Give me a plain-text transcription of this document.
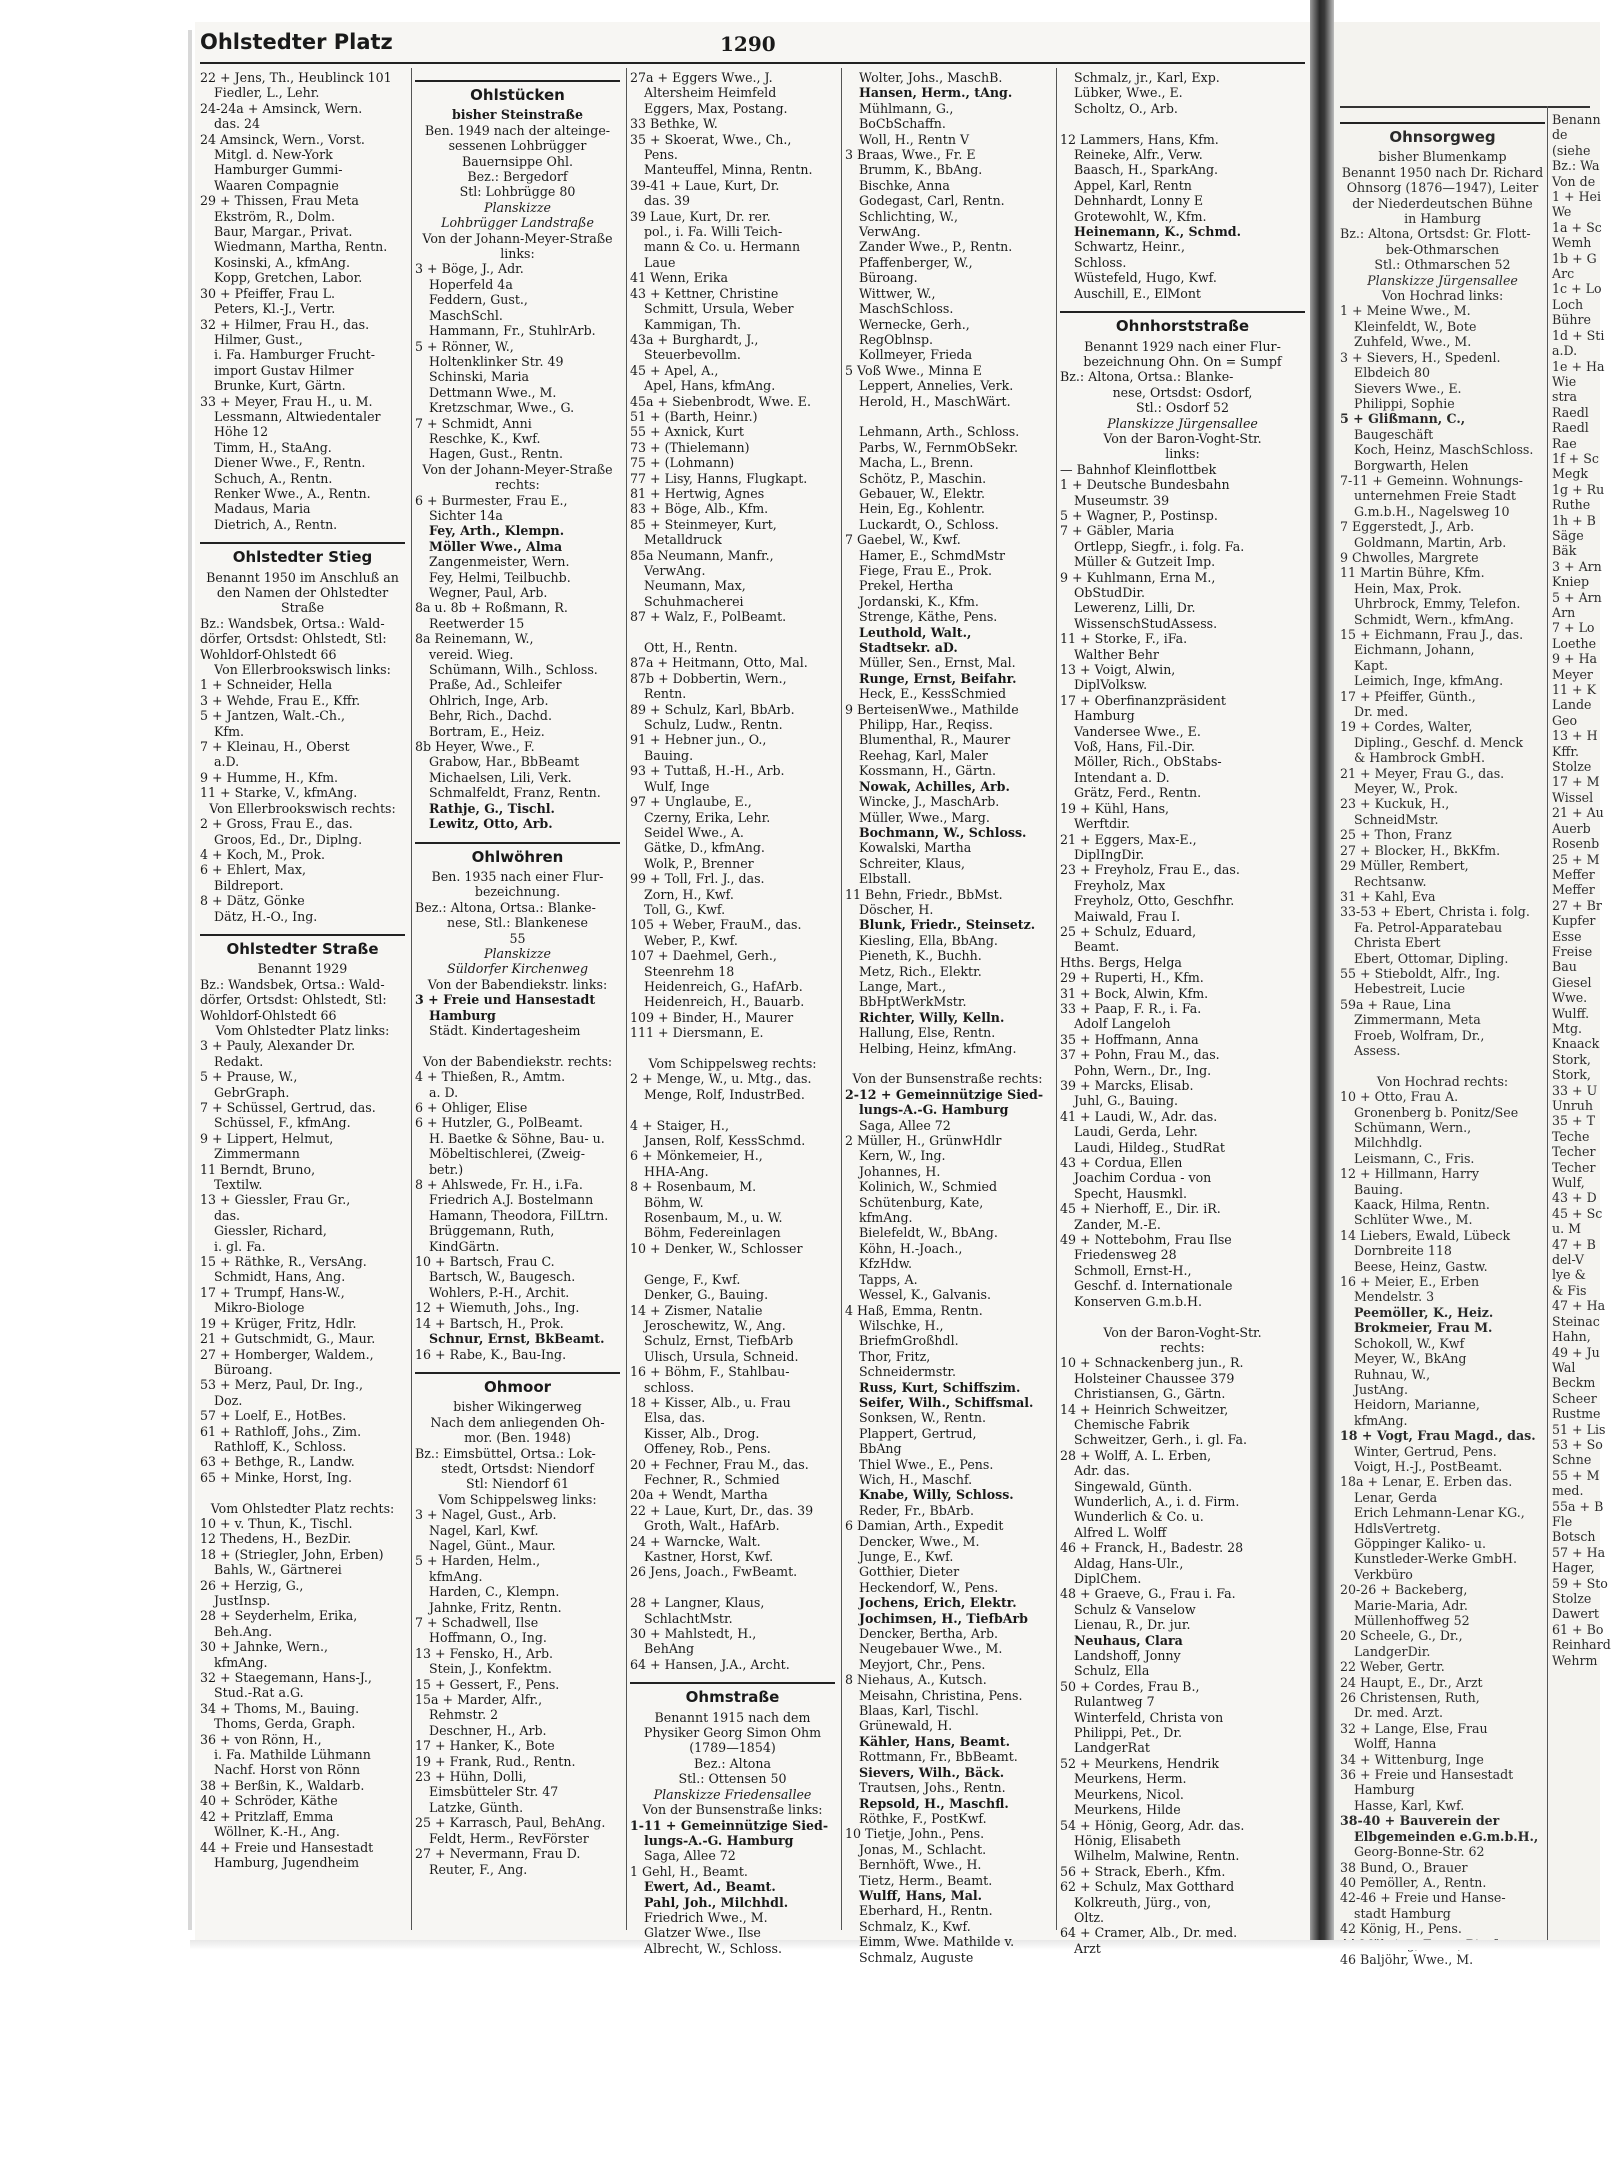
Ohnsorgweg
bisher Blumenkamp
Benannt 1950 nach Dr. Richard
Ohnsorg (1876—1947), Leiter
der Niederdeutschen Bühne
in Hamburg
Bz.: Altona, Ortsdst: Gr. Flott-
bek-Othmarschen
Stl.: Othmarschen 52
Planskizze Jürgensallee
Von Hochrad links:
1 + Meine Wwe., M.
Kleinfeldt, W., Bote
Zuhfeld, Wwe., M.
3 + Sievers, H., Spedenl.
Elbdeich 80
Sievers Wwe., E.
Philippi, Sophie
5 + Glißmann, C.,
Baugeschäft
Koch, Heinz, MaschSchloss.
Borgwarth, Helen
7-11 + Gemeinn. Wohnungs-
unternehmen Freie Stadt
G.m.b.H., Nagelsweg 10
7 Eggerstedt, J., Arb.
Goldmann, Martin, Arb.
9 Chwolles, Margrete
11 Martin Bühre, Kfm.
Hein, Max, Prok.
Uhrbrock, Emmy, Telefon.
Schmidt, Wern., kfmAng.
15 + Eichmann, Frau J., das.
Eichmann, Johann,
Kapt.
Leimich, Inge, kfmAng.
17 + Pfeiffer, Günth.,
Dr. med.
19 + Cordes, Walter,
Dipling., Geschf. d. Menck
& Hambrock GmbH.
21 + Meyer, Frau G., das.
Meyer, W., Prok.
23 + Kuckuk, H.,
SchneidMstr.
25 + Thon, Franz
27 + Blocker, H., BkKfm.
29 Müller, Rembert,
Rechtsanw.
31 + Kahl, Eva
33-53 + Ebert, Christa i. folg.
Fa. Petrol-Apparatebau
Christa Ebert
Ebert, Ottomar, Dipling.
55 + Stieboldt, Alfr., Ing.
Hebestreit, Lucie
59a + Raue, Lina
Zimmermann, Meta
Froeb, Wolfram, Dr.,
Assess.

Von Hochrad rechts:
10 + Otto, Frau A.
Gronenberg b. Ponitz/See
Schümann, Wern.,
Milchhdlg.
Leismann, C., Fris.
12 + Hillmann, Harry
Bauing.
Kaack, Hilma, Rentn.
Schlüter Wwe., M.
14 Liebers, Ewald, Lübeck
Dornbreite 118
Beese, Heinz, Gastw.
16 + Meier, E., Erben
Mendelstr. 3
Peemöller, K., Heiz.
Brokmeier, Frau M.
Schokoll, W., Kwf
Meyer, W., BkAng
Ruhnau, W.,
JustAng.
Heidorn, Marianne,
kfmAng.
18 + Vogt, Frau Magd., das.
Winter, Gertrud, Pens.
Voigt, H.-J., PostBeamt.
18a + Lenar, E. Erben das.
Lenar, Gerda
Erich Lehmann-Lenar KG.,
HdlsVertretg.
Göppinger Kaliko- u.
Kunstleder-Werke GmbH.
Verkbüro
20-26 + Backeberg,
Marie-Maria, Adr.
Müllenhoffweg 52
20 Scheele, G., Dr.,
LandgerDir.
22 Weber, Gertr.
24 Haupt, E., Dr., Arzt
26 Christensen, Ruth,
Dr. med. Arzt.
32 + Lange, Else, Frau
Wolff, Hanna
34 + Wittenburg, Inge
36 + Freie und Hansestadt
Hamburg
Hasse, Karl, Kwf.
38-40 + Bauverein der
Elbgemeinden e.G.m.b.H.,
Georg-Bonne-Str. 62
38 Bund, O., Brauer
40 Pemöller, A., Rentn.
42-46 + Freie und Hanse-
stadt Hamburg
42 König, H., Pens.
46 Baljöhr, Wwe., M.
Benann
de
(siehe
Bz.: Wa
Von de
1 + Hei
We
1a + Sc
Wemh
1b + G
Arc
1c + Lo
Loch
Bühre
1d + Sti
a.D.
1e + Ha
Wie
stra
Raedl
Raedl
Rae
1f + Sc
Megk
1g + Ru
Ruthe
1h + B
Säge
Bäk
3 + Arn
Kniep
5 + Arn
Arn
7 + Lo
Loethe
9 + Ha
Meyer
11 + K
Lande
Geo
13 + H
Kffr.
Stolze
17 + M
Wissel
21 + Au
Auerb
Rosenb
25 + M
Meffer
Meffer
27 + Br
Kupfer
Esse
Freise
Bau
Giesel
Wwe.
Wulff.
Mtg.
Knaack
Stork,
Stork,
33 + U
Unruh
35 + T
Teche
Techer
Techer
Wulf,
43 + D
45 + Sc
u. M
47 + B
del-V
lye &
& Fis
47 + Ha
Steinac
Hahn,
49 + Ju
Wal
Beckm
Scheer
Rustme
51 + Lis
53 + So
Schne
55 + M
med.
55a + B
Fle
Botsch
57 + Ha
Hager,
59 + Sto
Stolze
Dawert
61 + Bo
Reinhard
Wehrm
Ohlstedter Platz	1290
22 + Jens, Th., Heublinck 101
Fiedler, L., Lehr.
24-24a + Amsinck, Wern.
das. 24
24 Amsinck, Wern., Vorst.
Mitgl. d. New-York
Hamburger Gummi-
Waaren Compagnie
29 + Thissen, Frau Meta
Ekström, R., Dolm.
Baur, Margar., Privat.
Wiedmann, Martha, Rentn.
Kosinski, A., kfmAng.
Kopp, Gretchen, Labor.
30 + Pfeiffer, Frau L.
Peters, Kl.-J., Vertr.
32 + Hilmer, Frau H., das.
Hilmer, Gust.,
i. Fa. Hamburger Frucht-
import Gustav Hilmer
Brunke, Kurt, Gärtn.
33 + Meyer, Frau H., u. M.
Lessmann, Altwiedentaler
Höhe 12
Timm, H., StaAng.
Diener Wwe., F., Rentn.
Schuch, A., Rentn.
Renker Wwe., A., Rentn.
Madaus, Maria
Dietrich, A., Rentn.
Ohlstedter Stieg
Benannt 1950 im Anschluß an
den Namen der Ohlstedter
Straße
Bz.: Wandsbek, Ortsa.: Wald-
dörfer, Ortsdst: Ohlstedt, Stl:
Wohldorf-Ohlstedt 66
Von Ellerbrookswisch links:
1 + Schneider, Hella
3 + Wehde, Frau E., Kffr.
5 + Jantzen, Walt.-Ch.,
Kfm.
7 + Kleinau, H., Oberst
a.D.
9 + Humme, H., Kfm.
11 + Starke, V., kfmAng.
Von Ellerbrookswisch rechts:
2 + Gross, Frau E., das.
Groos, Ed., Dr., Diplng.
4 + Koch, M., Prok.
6 + Ehlert, Max,
Bildreport.
8 + Dätz, Gönke
Dätz, H.-O., Ing.
Ohlstedter Straße
Benannt 1929
Bz.: Wandsbek, Ortsa.: Wald-
dörfer, Ortsdst: Ohlstedt, Stl:
Wohldorf-Ohlstedt 66
Vom Ohlstedter Platz links:
3 + Pauly, Alexander Dr.
Redakt.
5 + Prause, W.,
GebrGraph.
7 + Schüssel, Gertrud, das.
Schüssel, F., kfmAng.
9 + Lippert, Helmut,
Zimmermann
11 Berndt, Bruno,
Textilw.
13 + Giessler, Frau Gr.,
das.
Giessler, Richard,
i. gl. Fa.
15 + Räthke, R., VersAng.
Schmidt, Hans, Ang.
17 + Trumpf, Hans-W.,
Mikro-Biologe
19 + Krüger, Fritz, Hdlr.
21 + Gutschmidt, G., Maur.
27 + Homberger, Waldem.,
Büroang.
53 + Merz, Paul, Dr. Ing.,
Doz.
57 + Loelf, E., HotBes.
61 + Rathloff, Johs., Zim.
Rathloff, K., Schloss.
63 + Bethge, R., Landw.
65 + Minke, Horst, Ing.

Vom Ohlstedter Platz rechts:
10 + v. Thun, K., Tischl.
12 Thedens, H., BezDir.
18 + (Striegler, John, Erben)
Bahls, W., Gärtnerei
26 + Herzig, G.,
JustInsp.
28 + Seyderhelm, Erika,
Beh.Ang.
30 + Jahnke, Wern.,
kfmAng.
32 + Staegemann, Hans-J.,
Stud.-Rat a.G.
34 + Thoms, M., Bauing.
Thoms, Gerda, Graph.
36 + von Rönn, H.,
i. Fa. Mathilde Lühmann
Nachf. Horst von Rönn
38 + Berßin, K., Waldarb.
40 + Schröder, Käthe
42 + Pritzlaff, Emma
Wöllner, K.-H., Ang.
44 + Freie und Hansestadt
Hamburg, Jugendheim
Ohlstücken
bisher Steinstraße
Ben. 1949 nach der alteinge-
sessenen Lohbrügger
Bauernsippe Ohl.
Bez.: Bergedorf
Stl: Lohbrügge 80
Planskizze
Lohbrügger Landstraße
Von der Johann-Meyer-Straße
links:
3 + Böge, J., Adr.
Hoperfeld 4a
Feddern, Gust.,
MaschSchl.
Hammann, Fr., StuhlrArb.
5 + Rönner, W.,
Holtenklinker Str. 49
Schinski, Maria
Dettmann Wwe., M.
Kretzschmar, Wwe., G.
7 + Schmidt, Anni
Reschke, K., Kwf.
Hagen, Gust., Rentn.
Von der Johann-Meyer-Straße
rechts:
6 + Burmester, Frau E.,
Sichter 14a
Fey, Arth., Klempn.
Möller Wwe., Alma
Zangenmeister, Wern.
Fey, Helmi, Teilbuchb.
Wegner, Paul, Arb.
8a u. 8b + Roßmann, R.
Reetwerder 15
8a Reinemann, W.,
vereid. Wieg.
Schümann, Wilh., Schloss.
Praße, Ad., Schleifer
Ohlrich, Inge, Arb.
Behr, Rich., Dachd.
Bortram, E., Heiz.
8b Heyer, Wwe., F.
Grabow, Har., BbBeamt
Michaelsen, Lili, Verk.
Schmalfeldt, Franz, Rentn.
Rathje, G., Tischl.
Lewitz, Otto, Arb.
Ohlwöhren
Ben. 1935 nach einer Flur-
bezeichnung.
Bez.: Altona, Ortsa.: Blanke-
nese, Stl.: Blankenese
55
Planskizze
Süldorfer Kirchenweg
Von der Babendiekstr. links:
3 + Freie und Hansestadt
Hamburg
Städt. Kindertagesheim

Von der Babendiekstr. rechts:
4 + Thießen, R., Amtm.
a. D.
6 + Ohliger, Elise
6 + Hutzler, G., PolBeamt.
H. Baetke & Söhne, Bau- u.
Möbeltischlerei, (Zweig-
betr.)
8 + Ahlswede, Fr. H., i.Fa.
Friedrich A.J. Bostelmann
Hamann, Theodora, FilLtrn.
Brüggemann, Ruth,
KindGärtn.
10 + Bartsch, Frau C.
Bartsch, W., Baugesch.
Wohlers, P.-H., Archit.
12 + Wiemuth, Johs., Ing.
14 + Bartsch, H., Prok.
Schnur, Ernst, BkBeamt.
16 + Rabe, K., Bau-Ing.
Ohmoor
bisher Wikingerweg
Nach dem anliegenden Oh-
mor. (Ben. 1948)
Bz.: Eimsbüttel, Ortsa.: Lok-
stedt, Ortsdst: Niendorf
Stl: Niendorf 61
Vom Schippelsweg links:
3 + Nagel, Gust., Arb.
Nagel, Karl, Kwf.
Nagel, Günt., Maur.
5 + Harden, Helm.,
kfmAng.
Harden, C., Klempn.
Jahnke, Fritz, Rentn.
7 + Schadwell, Ilse
Hoffmann, O., Ing.
13 + Fensko, H., Arb.
Stein, J., Konfektm.
15 + Gessert, F., Pens.
15a + Marder, Alfr.,
Rehmstr. 2
Deschner, H., Arb.
17 + Hanker, K., Bote
19 + Frank, Rud., Rentn.
23 + Hühn, Dolli,
Eimsbütteler Str. 47
Latzke, Günth.
25 + Karrasch, Paul, BehAng.
Feldt, Herm., RevFörster
27 + Nevermann, Frau D.
Reuter, F., Ang.
27a + Eggers Wwe., J.
Altersheim Heimfeld
Eggers, Max, Postang.
33 Bethke, W.
35 + Skoerat, Wwe., Ch.,
Pens.
Manteuffel, Minna, Rentn.
39-41 + Laue, Kurt, Dr.
das. 39
39 Laue, Kurt, Dr. rer.
pol., i. Fa. Willi Teich-
mann & Co. u. Hermann
Laue
41 Wenn, Erika
43 + Kettner, Christine
Schmitt, Ursula, Weber
Kammigan, Th.
43a + Burghardt, J.,
Steuerbevollm.
45 + Apel, A.,
Apel, Hans, kfmAng.
45a + Siebenbrodt, Wwe. E.
51 + (Barth, Heinr.)
55 + Axnick, Kurt
73 + (Thielemann)
75 + (Lohmann)
77 + Lisy, Hanns, Flugkapt.
81 + Hertwig, Agnes
83 + Böge, Alb., Kfm.
85 + Steinmeyer, Kurt,
Metalldruck
85a Neumann, Manfr.,
VerwAng.
Neumann, Max,
Schuhmacherei
87 + Walz, F., PolBeamt.

Ott, H., Rentn.
87a + Heitmann, Otto, Mal.
87b + Dobbertin, Wern.,
Rentn.
89 + Schulz, Karl, BbArb.
Schulz, Ludw., Rentn.
91 + Hebner jun., O.,
Bauing.
93 + Tuttaß, H.-H., Arb.
Wulf, Inge
97 + Unglaube, E.,
Czerny, Erika, Lehr.
Seidel Wwe., A.
Gätke, D., kfmAng.
Wolk, P., Brenner
99 + Toll, Frl. J., das.
Zorn, H., Kwf.
Toll, G., Kwf.
105 + Weber, FrauM., das.
Weber, P., Kwf.
107 + Daehmel, Gerh.,
Steenrehm 18
Heidenreich, G., HafArb.
Heidenreich, H., Bauarb.
109 + Binder, H., Maurer
111 + Diersmann, E.

Vom Schippelsweg rechts:
2 + Menge, W., u. Mtg., das.
Menge, Rolf, IndustrBed.

4 + Staiger, H.,
Jansen, Rolf, KessSchmd.
6 + Mönkemeier, H.,
HHA-Ang.
8 + Rosenbaum, M.
Böhm, W.
Rosenbaum, M., u. W.
Böhm, Federeinlagen
10 + Denker, W., Schlosser

Genge, F., Kwf.
Denker, G., Bauing.
14 + Zismer, Natalie
Jeroschewitz, W., Ang.
Schulz, Ernst, TiefbArb
Ulisch, Ursula, Schneid.
16 + Böhm, F., Stahlbau-
schloss.
18 + Kisser, Alb., u. Frau
Elsa, das.
Kisser, Alb., Drog.
Offeney, Rob., Pens.
20 + Fechner, Frau M., das.
Fechner, R., Schmied
20a + Wendt, Martha
22 + Laue, Kurt, Dr., das. 39
Groth, Walt., HafArb.
24 + Warncke, Walt.
Kastner, Horst, Kwf.
26 Jens, Joach., FwBeamt.

28 + Langner, Klaus,
SchlachtMstr.
30 + Mahlstedt, H.,
BehAng
64 + Hansen, J.A., Archt.
Ohmstraße
Benannt 1915 nach dem
Physiker Georg Simon Ohm
(1789—1854)
Bez.: Altona
Stl.: Ottensen 50
Planskizze Friedensallee
Von der Bunsenstraße links:
1-11 + Gemeinnützige Sied-
lungs-A.-G. Hamburg
Saga, Allee 72
1 Gehl, H., Beamt.
Ewert, Ad., Beamt.
Pahl, Joh., Milchhdl.
Friedrich Wwe., M.
Glatzer Wwe., Ilse
Albrecht, W., Schloss.
Wolter, Johs., MaschB.
Hansen, Herm., tAng.
Mühlmann, G.,
BoCbSchaffn.
Woll, H., Rentn V
3 Braas, Wwe., Fr. E
Brumm, K., BbAng.
Bischke, Anna
Godegast, Carl, Rentn.
Schlichting, W.,
VerwAng.
Zander Wwe., P., Rentn.
Pfaffenberger, W.,
Büroang.
Wittwer, W.,
MaschSchloss.
Wernecke, Gerh.,
RegOblnsp.
Kollmeyer, Frieda
5 Voß Wwe., Minna E
Leppert, Annelies, Verk.
Herold, H., MaschWärt.

Lehmann, Arth., Schloss.
Parbs, W., FernmObSekr.
Macha, L., Brenn.
Schötz, P., Maschin.
Gebauer, W., Elektr.
Hein, Eg., Kohlentr.
Luckardt, O., Schloss.
7 Gaebel, W., Kwf.
Hamer, E., SchmdMstr
Fiege, Frau E., Prok.
Prekel, Hertha
Jordanski, K., Kfm.
Strenge, Käthe, Pens.
Leuthold, Walt.,
Stadtsekr. aD.
Müller, Sen., Ernst, Mal.
Runge, Ernst, Beifahr.
Heck, E., KessSchmied
9 BerteisenWwe., Mathilde
Philipp, Har., Reqiss.
Blumenthal, R., Maurer
Reehag, Karl, Maler
Kossmann, H., Gärtn.
Nowak, Achilles, Arb.
Wincke, J., MaschArb.
Müller, Wwe., Marg.
Bochmann, W., Schloss.
Kowalski, Martha
Schreiter, Klaus,
Elbstall.
11 Behn, Friedr., BbMst.
Döscher, H.
Blunk, Friedr., Steinsetz.
Kiesling, Ella, BbAng.
Pieneth, K., Buchh.
Metz, Rich., Elektr.
Lange, Mart.,
BbHptWerkMstr.
Richter, Willy, Kelln.
Hallung, Else, Rentn.
Helbing, Heinz, kfmAng.

Von der Bunsenstraße rechts:
2-12 + Gemeinnützige Sied-
lungs-A.-G. Hamburg
Saga, Allee 72
2 Müller, H., GrünwHdlr
Kern, W., Ing.
Johannes, H.
Kolinich, W., Schmied
Schütenburg, Kate,
kfmAng.
Bielefeldt, W., BbAng.
Köhn, H.-Joach.,
KfzHdw.
Tapps, A.
Wessel, K., Galvanis.
4 Haß, Emma, Rentn.
Wilschke, H.,
BriefmGroßhdl.
Thor, Fritz,
Schneidermstr.
Russ, Kurt, Schiffszim.
Seifer, Wilh., Schiffsmal.
Sonksen, W., Rentn.
Plappert, Gertrud,
BbAng
Thiel Wwe., E., Pens.
Wich, H., Maschf.
Knabe, Willy, Schloss.
Reder, Fr., BbArb.
6 Damian, Arth., Expedit
Dencker, Wwe., M.
Junge, E., Kwf.
Gotthier, Dieter
Heckendorf, W., Pens.
Jochens, Erich, Elektr.
Jochimsen, H., TiefbArb
Dencker, Bertha, Arb.
Neugebauer Wwe., M.
Meyjort, Chr., Pens.
8 Niehaus, A., Kutsch.
Meisahn, Christina, Pens.
Blaas, Karl, Tischl.
Grünewald, H.
Kähler, Hans, Beamt.
Rottmann, Fr., BbBeamt.
Sievers, Wilh., Bäck.
Trautsen, Johs., Rentn.
Repsold, H., Maschfl.
Röthke, F., PostKwf.
10 Tietje, John., Pens.
Jonas, M., Schlacht.
Bernhöft, Wwe., H.
Tietz, Herm., Beamt.
Wulff, Hans, Mal.
Eberhard, H., Rentn.
Schmalz, K., Kwf.
Eimm, Wwe. Mathilde v.
Schmalz, Auguste
Schmalz, jr., Karl, Exp.
Lübker, Wwe., E.
Scholtz, O., Arb.

12 Lammers, Hans, Kfm.
Reineke, Alfr., Verw.
Baasch, H., SparkAng.
Appel, Karl, Rentn
Dehnhardt, Lonny E
Grotewohlt, W., Kfm.
Heinemann, K., Schmd.
Schwartz, Heinr.,
Schloss.
Wüstefeld, Hugo, Kwf.
Auschill, E., ElMont
Ohnhorststraße
Benannt 1929 nach einer Flur-
bezeichnung Ohn. On = Sumpf
Bz.: Altona, Ortsa.: Blanke-
nese, Ortsdst: Osdorf,
Stl.: Osdorf 52
Planskizze Jürgensallee
Von der Baron-Voght-Str.
links:
— Bahnhof Kleinflottbek
1 + Deutsche Bundesbahn
Museumstr. 39
5 + Wagner, P., Postinsp.
7 + Gäbler, Maria
Ortlepp, Siegfr., i. folg. Fa.
Müller & Gutzeit Imp.
9 + Kuhlmann, Erna M.,
ObStudDir.
Lewerenz, Lilli, Dr.
WissenschStudAssess.
11 + Storke, F., iFa.
Walther Behr
13 + Voigt, Alwin,
DiplVolksw.
17 + Oberfinanzpräsident
Hamburg
Vandersee Wwe., E.
Voß, Hans, Fil.-Dir.
Möller, Rich., ObStabs-
Intendant a. D.
Grätz, Ferd., Rentn.
19 + Kühl, Hans,
Werftdir.
21 + Eggers, Max-E.,
DiplIngDir.
23 + Freyholz, Frau E., das.
Freyholz, Max
Freyholz, Otto, Geschfhr.
Maiwald, Frau I.
25 + Schulz, Eduard,
Beamt.
Hths. Bergs, Helga
29 + Ruperti, H., Kfm.
31 + Bock, Alwin, Kfm.
33 + Paap, F. R., i. Fa.
Adolf Langeloh
35 + Hoffmann, Anna
37 + Pohn, Frau M., das.
Pohn, Wern., Dr., Ing.
39 + Marcks, Elisab.
Juhl, G., Bauing.
41 + Laudi, W., Adr. das.
Laudi, Gerda, Lehr.
Laudi, Hildeg., StudRat
43 + Cordua, Ellen
Joachim Cordua - von
Specht, Hausmkl.
45 + Nierhoff, E., Dir. iR.
Zander, M.-E.
49 + Nottebohm, Frau Ilse
Friedensweg 28
Schmoll, Ernst-H.,
Geschf. d. Internationale
Konserven G.m.b.H.

Von der Baron-Voght-Str.
rechts:
10 + Schnackenberg jun., R.
Holsteiner Chaussee 379
Christiansen, G., Gärtn.
14 + Heinrich Schweitzer,
Chemische Fabrik
Schweitzer, Gerh., i. gl. Fa.
28 + Wolff, A. L. Erben,
Adr. das.
Singewald, Günth.
Wunderlich, A., i. d. Firm.
Wunderlich & Co. u.
Alfred L. Wolff
46 + Franck, H., Badestr. 28
Aldag, Hans-Ulr.,
DiplChem.
48 + Graeve, G., Frau i. Fa.
Schulz & Vanselow
Lienau, R., Dr. jur.
Neuhaus, Clara
Landshoff, Jonny
Schulz, Ella
50 + Cordes, Frau B.,
Rulantweg 7
Winterfeld, Christa von
Philippi, Pet., Dr.
LandgerRat
52 + Meurkens, Hendrik
Meurkens, Herm.
Meurkens, Nicol.
Meurkens, Hilde
54 + Hönig, Georg, Adr. das.
Hönig, Elisabeth
Wilhelm, Malwine, Rentn.
56 + Strack, Eberh., Kfm.
62 + Schulz, Max Gotthard
Kolkreuth, Jürg., von,
Oltz.
64 + Cramer, Alb., Dr. med.
Arzt
